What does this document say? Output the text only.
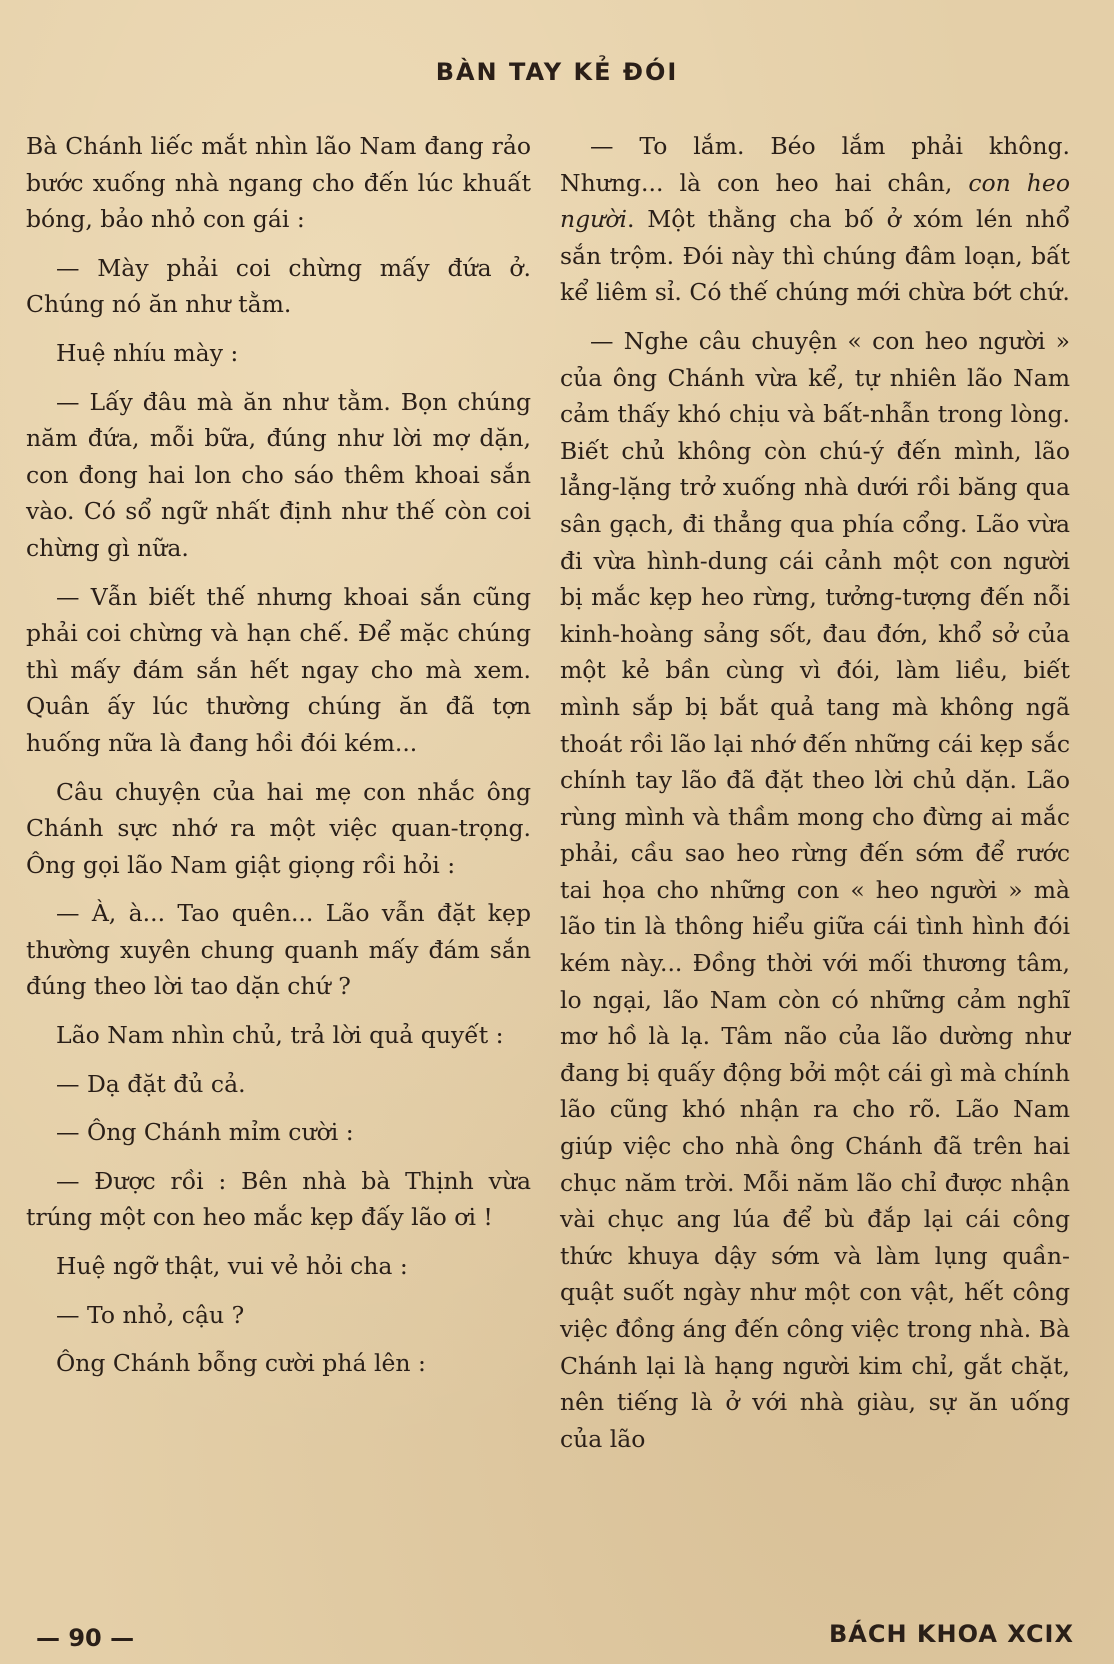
BÀN TAY KẺ ĐÓI

Bà Chánh liếc mắt nhìn lão Nam đang rảo bước xuống nhà ngang cho đến lúc khuất bóng, bảo nhỏ con gái :

— Mày phải coi chừng mấy đứa ở. Chúng nó ăn như tằm.

Huệ nhíu mày :

— Lấy đâu mà ăn như tằm. Bọn chúng năm đứa, mỗi bữa, đúng như lời mợ dặn, con đong hai lon cho sáo thêm khoai sắn vào. Có sổ ngữ nhất định như thế còn coi chừng gì nữa.

— Vẫn biết thế nhưng khoai sắn cũng phải coi chừng và hạn chế. Để mặc chúng thì mấy đám sắn hết ngay cho mà xem. Quân ấy lúc thường chúng ăn đã tợn huống nữa là đang hồi đói kém...

Câu chuyện của hai mẹ con nhắc ông Chánh sực nhớ ra một việc quan-trọng. Ông gọi lão Nam giật giọng rồi hỏi :

— À, à... Tao quên... Lão vẫn đặt kẹp thường xuyên chung quanh mấy đám sắn đúng theo lời tao dặn chứ ?

Lão Nam nhìn chủ, trả lời quả quyết :

— Dạ đặt đủ cả.

— Ông Chánh mỉm cười :

— Được rồi : Bên nhà bà Thịnh vừa trúng một con heo mắc kẹp đấy lão ơi !

Huệ ngỡ thật, vui vẻ hỏi cha :

— To nhỏ, cậu ?

Ông Chánh bỗng cười phá lên :

— To lắm. Béo lắm phải không. Nhưng... là con heo hai chân, con heo người. Một thằng cha bố ở xóm lén nhổ sắn trộm. Đói này thì chúng đâm loạn, bất kể liêm sỉ. Có thế chúng mới chừa bớt chứ.

— Nghe câu chuyện « con heo người » của ông Chánh vừa kể, tự nhiên lão Nam cảm thấy khó chịu và bất-nhẫn trong lòng. Biết chủ không còn chú-ý đến mình, lão lẳng-lặng trở xuống nhà dưới rồi băng qua sân gạch, đi thẳng qua phía cổng. Lão vừa đi vừa hình-dung cái cảnh một con người bị mắc kẹp heo rừng, tưởng-tượng đến nỗi kinh-hoàng sảng sốt, đau đớn, khổ sở của một kẻ bần cùng vì đói, làm liều, biết mình sắp bị bắt quả tang mà không ngã thoát rồi lão lại nhớ đến những cái kẹp sắc chính tay lão đã đặt theo lời chủ dặn. Lão rùng mình và thầm mong cho đừng ai mắc phải, cầu sao heo rừng đến sớm để rước tai họa cho những con « heo người » mà lão tin là thông hiểu giữa cái tình hình đói kém này... Đồng thời với mối thương tâm, lo ngại, lão Nam còn có những cảm nghĩ mơ hồ là lạ. Tâm não của lão dường như đang bị quấy động bởi một cái gì mà chính lão cũng khó nhận ra cho rõ. Lão Nam giúp việc cho nhà ông Chánh đã trên hai chục năm trời. Mỗi năm lão chỉ được nhận vài chục ang lúa để bù đắp lại cái công thức khuya dậy sớm và làm lụng quần-quật suốt ngày như một con vật, hết công việc đồng áng đến công việc trong nhà. Bà Chánh lại là hạng người kim chỉ, gắt chặt, nên tiếng là ở với nhà giàu, sự ăn uống của lão

— 90 —	BÁCH KHOA XCIX
